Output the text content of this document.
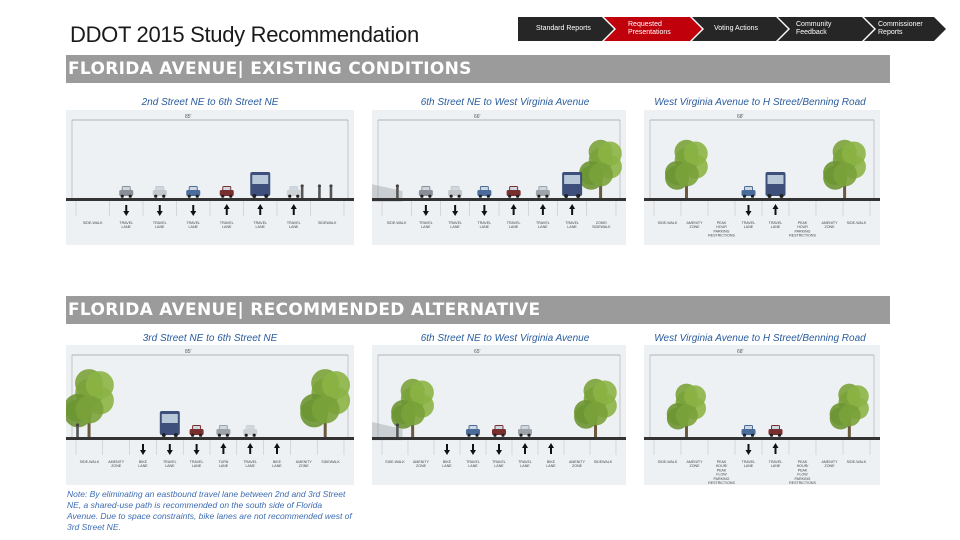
DDOT 2015 Study Recommendation	Standard Reports
Requested Presentations
Voting Actions
Community Feedback
Commissioner Reports
FLORIDA AVENUE| EXISTING CONDITIONS
FLORIDA AVENUE| RECOMMENDED ALTERNATIVE
2nd Street NE to 6th Street NE	6th Street NE to West Virginia Avenue	West Virginia Avenue to H Street/Benning Road
3rd Street NE to 6th Street NE	6th Street NE to West Virginia Avenue	West Virginia Avenue to H Street/Benning Road
85'
SIDE-WALK	TRAVEL LANE
TRAVEL LANE
TRAVEL LANE
TRAVEL LANE
TRAVEL LANE
TRAVEL LANE
SIDEWALK
66'
SIDE-WALK	TRAVEL LANE
TRAVEL LANE
TRAVEL LANE
TRAVEL LANE
TRAVEL LANE
TRAVEL LANE
ZONE/ SIDEWALK
68'
SIDE-WALK	AMENITY ZONE
PEAK HOUR PARKING RESTRICTIONS
TRAVEL LANE
TRAVEL LANE
PEAK HOUR PARKING RESTRICTIONS
AMENITY ZONE
SIDE-WALK
85'
SIDE-WALK AMENITY ZONE
BIKE LANE
TRAVEL LANE
TRAVEL LANE
TURN LANE
TRAVEL LANE
BIKE LANE
AMENITY ZONE
SIDEWALK
65'
SIDE-WALK AMENITY ZONE
BIKE LANE
TRAVEL LANE
TRAVEL LANE
TRAVEL LANE
BIKE LANE
AMENITY ZONE
SIDEWALK
68'
SIDE-WALK	AMENITY ZONE
PEAK HOUR/ PEAK FLOW PARKING RESTRICTIONS
TRAVEL LANE
TRAVEL LANE
PEAK HOUR/ PEAK FLOW PARKING RESTRICTIONS
AMENITY ZONE
SIDE-WALK
Note: By eliminating an eastbound travel lane between 2nd and 3rd Street NE, a shared-use path is recommended on the south side of Florida Avenue. Due to space constraints, bike lanes are not recommended west of 3rd Street NE.
